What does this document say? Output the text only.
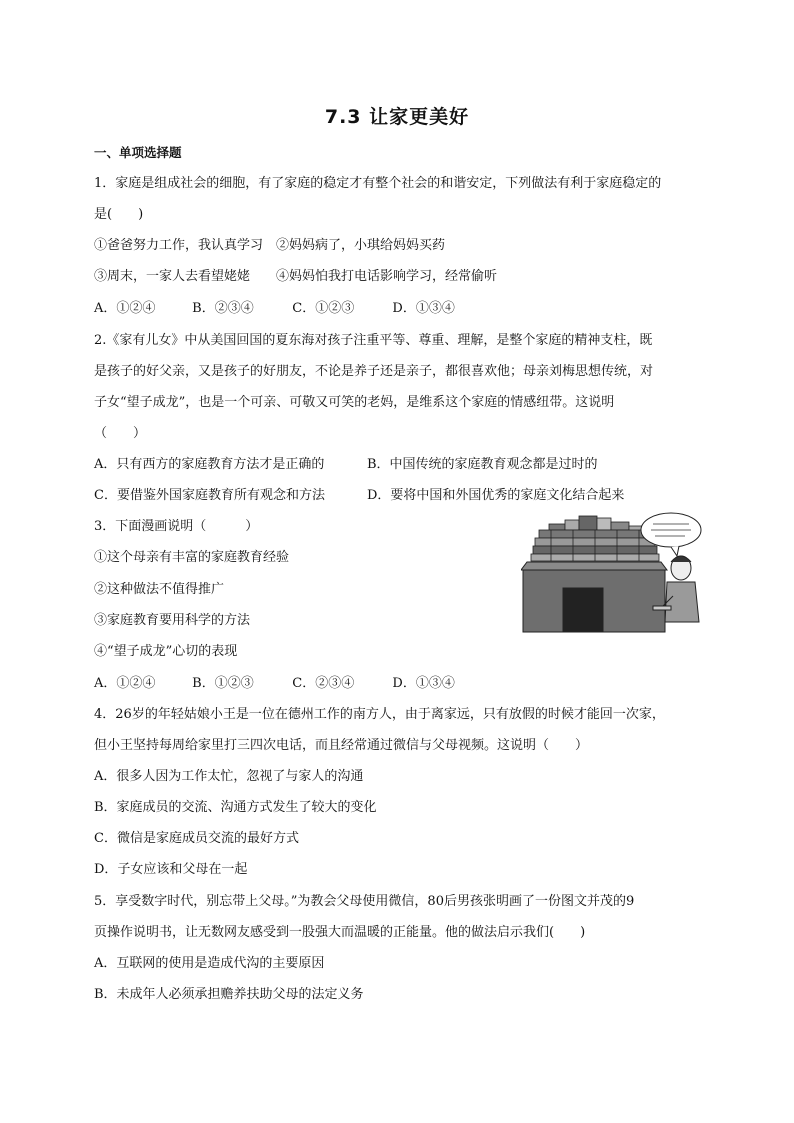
7.3 让家更美好
一、单项选择题
1．家庭是组成社会的细胞，有了家庭的稳定才有整个社会的和谐安定，下列做法有利于家庭稳定的
是(　　)
①爸爸努力工作，我认真学习　②妈妈病了，小琪给妈妈买药
③周末，一家人去看望姥姥　　④妈妈怕我打电话影响学习，经常偷听
A．①②④	B．②③④	C．①②③	D．①③④
2.《家有儿女》中从美国回国的夏东海对孩子注重平等、尊重、理解，是整个家庭的精神支柱，既
是孩子的好父亲，又是孩子的好朋友，不论是养子还是亲子，都很喜欢他；母亲刘梅思想传统，对
子女“望子成龙”，也是一个可亲、可敬又可笑的老妈，是维系这个家庭的情感纽带。这说明
（　　）
A．只有西方的家庭教育方法才是正确的	B．中国传统的家庭教育观念都是过时的
C．要借鉴外国家庭教育所有观念和方法	D．要将中国和外国优秀的家庭文化结合起来
3．下面漫画说明（　　　）
①这个母亲有丰富的家庭教育经验
②这种做法不值得推广
③家庭教育要用科学的方法
④“望子成龙”心切的表现
A．①②④	B．①②③	C．②③④	D．①③④
4．26岁的年轻姑娘小王是一位在德州工作的南方人，由于离家远，只有放假的时候才能回一次家，
但小王坚持每周给家里打三四次电话，而且经常通过微信与父母视频。这说明（　　）
A．很多人因为工作太忙，忽视了与家人的沟通
B．家庭成员的交流、沟通方式发生了较大的变化
C．微信是家庭成员交流的最好方式
D．子女应该和父母在一起
5．享受数字时代，别忘带上父母。”为教会父母使用微信，80后男孩张明画了一份图文并茂的9
页操作说明书，让无数网友感受到一股强大而温暖的正能量。他的做法启示我们(　　)
A．互联网的使用是造成代沟的主要原因
B．未成年人必须承担赡养扶助父母的法定义务
